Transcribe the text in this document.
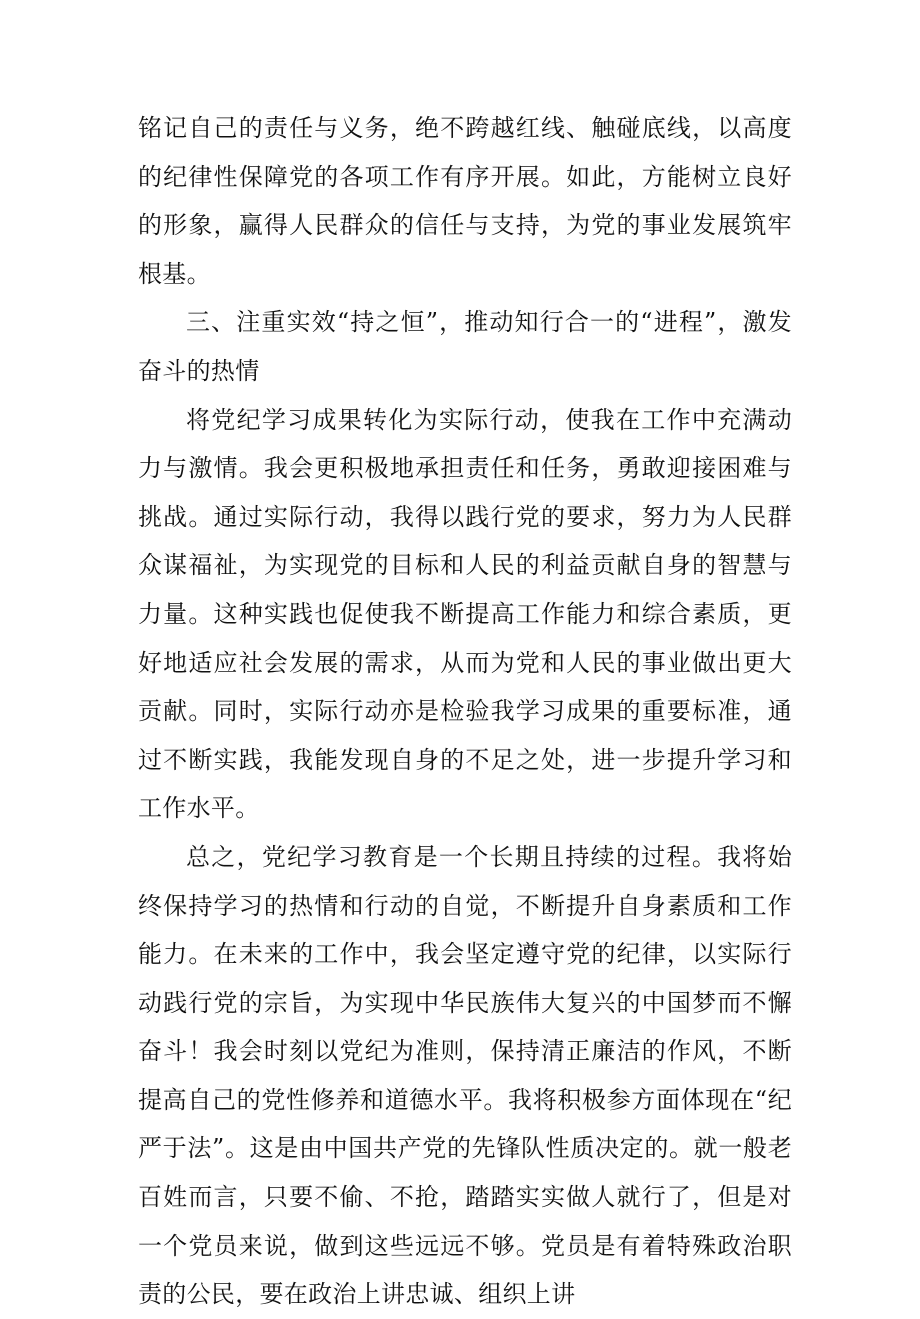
铭记自己的责任与义务，绝不跨越红线、触碰底线，以高度的纪律性保障党的各项工作有序开展。如此，方能树立良好的形象，赢得人民群众的信任与支持，为党的事业发展筑牢根基。

三、注重实效“持之恒”，推动知行合一的“进程”，激发奋斗的热情

将党纪学习成果转化为实际行动，使我在工作中充满动力与激情。我会更积极地承担责任和任务，勇敢迎接困难与挑战。通过实际行动，我得以践行党的要求，努力为人民群众谋福祉，为实现党的目标和人民的利益贡献自身的智慧与力量。这种实践也促使我不断提高工作能力和综合素质，更好地适应社会发展的需求，从而为党和人民的事业做出更大贡献。同时，实际行动亦是检验我学习成果的重要标准，通过不断实践，我能发现自身的不足之处，进一步提升学习和工作水平。

总之，党纪学习教育是一个长期且持续的过程。我将始终保持学习的热情和行动的自觉，不断提升自身素质和工作能力。在未来的工作中，我会坚定遵守党的纪律，以实际行动践行党的宗旨，为实现中华民族伟大复兴的中国梦而不懈奋斗！我会时刻以党纪为准则，保持清正廉洁的作风，不断提高自己的党性修养和道德水平。我将积极参方面体现在“纪严于法”。这是由中国共产党的先锋队性质决定的。就一般老百姓而言，只要不偷、不抢，踏踏实实做人就行了，但是对一个党员来说，做到这些远远不够。党员是有着特殊政治职责的公民，要在政治上讲忠诚、组织上讲
